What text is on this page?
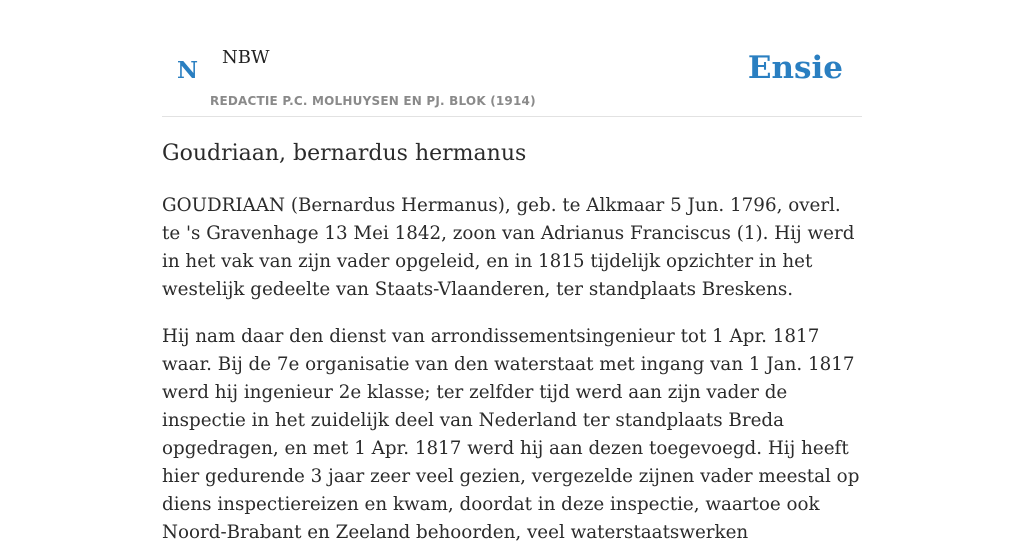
N NBW
REDACTIE P.C. MOLHUYSEN EN PJ. BLOK (1914)
Ensie
Goudriaan, bernardus hermanus

GOUDRIAAN (Bernardus Hermanus), geb. te Alkmaar 5 Jun. 1796, overl. te 's Gravenhage 13 Mei 1842, zoon van Adrianus Franciscus (1). Hij werd in het vak van zijn vader opgeleid, en in 1815 tijdelijk opzichter in het westelijk gedeelte van Staats-Vlaanderen, ter standplaats Breskens.

Hij nam daar den dienst van arrondissementsingenieur tot 1 Apr. 1817 waar. Bij de 7e organisatie van den waterstaat met ingang van 1 Jan. 1817 werd hij ingenieur 2e klasse; ter zelfder tijd werd aan zijn vader de inspectie in het zuidelijk deel van Nederland ter standplaats Breda opgedragen, en met 1 Apr. 1817 werd hij aan dezen toegevoegd. Hij heeft hier gedurende 3 jaar zeer veel gezien, vergezelde zijnen vader meestal op diens inspectiereizen en kwam, doordat in deze inspectie, waartoe ook Noord-Brabant en Zeeland behoorden, veel waterstaatswerken
